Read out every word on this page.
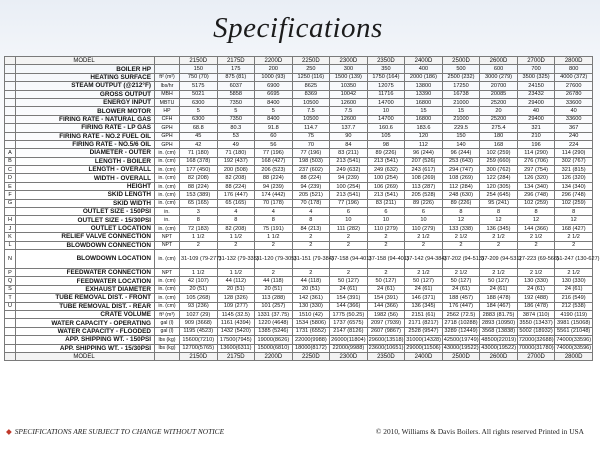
Specifications
	MODEL		2150D	2175D	2200D	2250D	2300D	2350D	2400D	2500D	2600D	2700D	2800D
	BOILER HP		150	175	200	250	300	350	400	500	600	700	800
	HEATING SURFACE	ft² (m²)	750 (70)	875 (81)	1000 (93)	1250 (116)	1500 (139)	1750 (164)	2000 (186)	2500 (232)	3000 (279)	3500 (325)	4000 (372)
	STEAM OUTPUT (@212°F)	lbs/hr	5175	6037	6900	8625	10350	12075	13800	17250	20700	24150	27600
	GROSS OUTPUT	MBH	5021	5858	6695	8369	10042	11716	13390	16738	20085	23432	26780
	ENERGY INPUT	MBTU	6300	7350	8400	10500	12600	14700	16800	21000	25200	29400	33600
	BLOWER MOTOR	HP	5	5	5	7.5	7.5	10	15	15	20	40	40
	FIRING RATE - NATURAL GAS	CFH	6300	7350	8400	10500	12600	14700	16800	21000	25200	29400	33600
	FIRING RATE - LP GAS	GPH	68.8	80.3	91.8	114.7	137.7	160.6	183.6	229.5	275.4	321	367
	FIRING RATE - NO.2 FUEL OIL	GPH	45	53	60	75	90	105	120	150	180	210	240
	FIRING RATE - NO.5/6 OIL	GPH	42	49	56	70	84	98	112	140	168	196	224
A	DIAMETER - OUTER	in. (cm)	71 (180)	71 (180)	77 (196)	77 (196)	83 (211)	89 (226)	96 (244)	96 (244)	102 (259)	114 (290)	114 (290)
B	LENGTH - BOILER	in. (cm)	168 (378)	192 (437)	168 (427)	198 (503)	213 (541)	213 (541)	207 (526)	253 (643)	259 (660)	276 (706)	302 (767)
C	LENGTH - OVERALL	in. (cm)	177 (450)	200 (508)	206 (523)	237 (602)	249 (632)	249 (632)	243 (617)	294 (747)	300 (762)	297 (754)	321 (815)
D	WIDTH - OVERALL	in. (cm)	82 (208)	82 (208)	88 (224)	88 (224)	94 (239)	100 (254)	108 (269)	108 (269)	122 (284)	126 (320)	126 (320)
E	HEIGHT	in. (cm)	88 (224)	88 (224)	94 (239)	94 (239)	100 (254)	106 (269)	113 (287)	112 (284)	120 (305)	134 (340)	134 (340)
F	SKID LENGTH	in. (cm)	153 (389)	176 (447)	174 (442)	205 (521)	213 (541)	213 (541)	205 (528)	248 (630)	254 (645)	296 (748)	296 (748)
G	SKID WIDTH	in. (cm)	65 (165)	65 (165)	70 (178)	70 (178)	77 (196)	83 (211)	89 (226)	89 (226)	95 (241)	102 (259)	102 (259)
	OUTLET SIZE - 150PSI	in.	3	4	4	4	6	6	6	8	8	8	8
H	OUTLET SIZE - 15/30PSI	in.	8	8	8	8	10	10	10	12	12	12	12
J	OUTLET LOCATION	in. (cm)	72 (183)	82 (208)	75 (191)	84 (213)	111 (282)	110 (279)	110 (279)	133 (338)	136 (345)	144 (366)	168 (427)
K	RELIEF VALVE CONNECTION	NPT	1 1/2	1 1/2	1 1/2	2	2	2	2 1/2	2 1/2	2 1/2	2 1/2	2 1/2
L	BLOWDOWN CONNECTION	NPT	2	2	2	2	2	2	2	2	2	2	2
N	BLOWDOWN LOCATION	in. (cm)	31-109 (79-277)	31-132 (79-335)	31-120 (79-305)	31-151 (79-384)	37-158 (94-401)	37-158 (94-401)	37-142 (94-384)	37-202 (94-513)	37-209 (94-531)	27-223 (69-566)	51-247 (130-627)
P	FEEDWATER CONNECTION	NPT	1 1/2	1 1/2	2	2	2	2	2 1/2	2 1/2	2 1/2	2 1/2	2 1/2
Q	FEEDWATER LOCATION	in. (cm)	42 (107)	44 (112)	44 (118)	44 (118)	50 (127)	50 (127)	50 (127)	50 (127)	50 (127)	130 (330)	130 (330)
S	EXHAUST DIAMETER	in. (cm)	20 (51)	20 (51)	20 (51)	20 (51)	24 (61)	24 (61)	24 (61)	24 (61)	24 (61)	24 (61)	24 (61)
T	TUBE REMOVAL DIST. - FRONT	in. (cm)	105 (268)	128 (326)	113 (288)	142 (361)	154 (391)	154 (391)	146 (371)	188 (457)	188 (478)	192 (488)	216 (549)
U	TUBE REMOVAL DIST. - REAR	in. (cm)	93 (236)	109 (277)	101 (257)	130 (330)	144 (366)	144 (366)	136 (345)	176 (447)	184 (467)	186 (478)	212 (538)
	CRATE VOLUME	ft³ (m³)	1027 (29)	1145 (32.5)	1331 (37.75)	1510 (42)	1775 (50.25)	1982 (56)	2151 (61)	2562 (72.5)	2883 (81.75)	3874 (110)	4190 (119)
	WATER CAPACITY - OPERATING	gal (l)	909 (3668)	1161 (4394)	1220 (4648)	1534 (5806)	1737 (6575)	2097 (7939)	2171 (8217)	2718 (10288)	2893 (10950)	3550 (13437)	3981 (15068)
	WATER CAPACITY - FLOODED	gal (l)	1195 (4523)	1432 (5420)	1385 (5246)	1731 (6552)	2147 (8126)	2607 (9867)	2528 (9547)	3289 (12449)	3568 (13838)	5002 (18932)	5561 (21048)
	APP. SHIPPING WT. - 150PSI	lbs (kg)	15600(7210)	17500(7945)	19000(8626)	22000(9988)	26000(11804)	29600(13518)	31000(14328)	42500(19749)	48500(22019)	72000(32688)	74000(33596)
	APP. SHIPPING WT. - 15/30PSI	lbs (kg)	12700(5765)	13600(6311)	15000(6810)	18000(8172)	22000(9988)	23600(10651)	29000(11506)	43000(19522)	43000(19522)	70000(31780)	74000(33596)
	MODEL		2150D	2175D	2200D	2250D	2300D	2350D	2400D	2500D	2600D	2700D	2800D
◆ SPECIFICATIONS ARE SUBJECT TO CHANGE WITHOUT NOTICE	© 2010, Williams & Davis Boilers. All rights reserved Printed in USA
